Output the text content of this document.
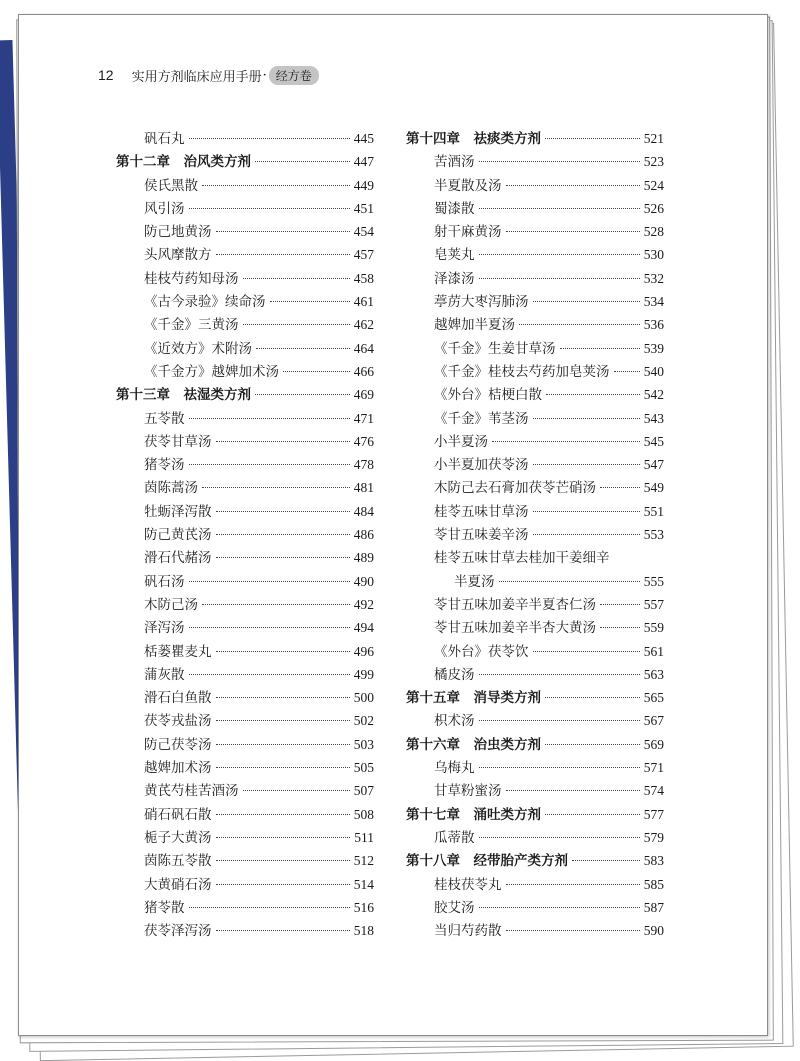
12 实用方剂临床应用手册 · 经方卷
矾石丸	445
第十二章　治风类方剂	447
侯氏黑散	449
风引汤	451
防己地黄汤	454
头风摩散方	457
桂枝芍药知母汤	458
《古今录验》续命汤	461
《千金》三黄汤	462
《近效方》术附汤	464
《千金方》越婢加术汤	466
第十三章　祛湿类方剂	469
五苓散	471
茯苓甘草汤	476
猪苓汤	478
茵陈蒿汤	481
牡蛎泽泻散	484
防己黄芪汤	486
滑石代赭汤	489
矾石汤	490
木防己汤	492
泽泻汤	494
栝蒌瞿麦丸	496
蒲灰散	499
滑石白鱼散	500
茯苓戎盐汤	502
防己茯苓汤	503
越婢加术汤	505
黄芪芍桂苦酒汤	507
硝石矾石散	508
栀子大黄汤	511
茵陈五苓散	512
大黄硝石汤	514
猪苓散	516
茯苓泽泻汤	518
第十四章　祛痰类方剂	521
苦酒汤	523
半夏散及汤	524
蜀漆散	526
射干麻黄汤	528
皂荚丸	530
泽漆汤	532
葶苈大枣泻肺汤	534
越婢加半夏汤	536
《千金》生姜甘草汤	539
《千金》桂枝去芍药加皂荚汤	540
《外台》桔梗白散	542
《千金》苇茎汤	543
小半夏汤	545
小半夏加茯苓汤	547
木防己去石膏加茯苓芒硝汤	549
桂苓五味甘草汤	551
苓甘五味姜辛汤	553
桂苓五味甘草去桂加干姜细辛
半夏汤	555
苓甘五味加姜辛半夏杏仁汤	557
苓甘五味加姜辛半杏大黄汤	559
《外台》茯苓饮	561
橘皮汤	563
第十五章　消导类方剂	565
枳术汤	567
第十六章　治虫类方剂	569
乌梅丸	571
甘草粉蜜汤	574
第十七章　涌吐类方剂	577
瓜蒂散	579
第十八章　经带胎产类方剂	583
桂枝茯苓丸	585
胶艾汤	587
当归芍药散	590
